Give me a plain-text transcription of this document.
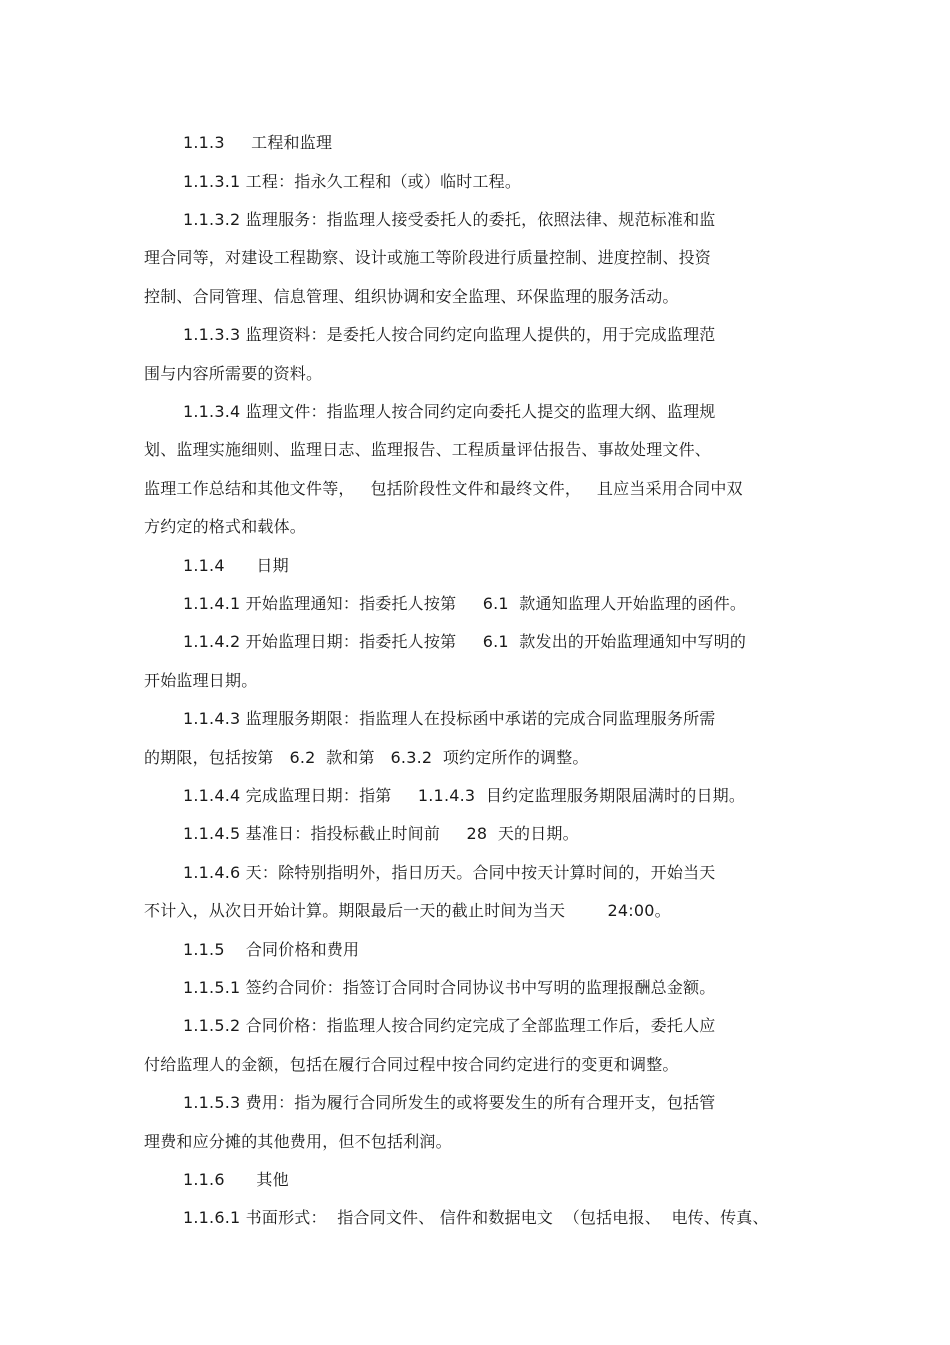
1.1.3     工程和监理
1.1.3.1 工程：指永久工程和（或）临时工程。
1.1.3.2 监理服务：指监理人接受委托人的委托，依照法律、规范标准和监
理合同等，对建设工程勘察、设计或施工等阶段进行质量控制、进度控制、投资
控制、合同管理、信息管理、组织协调和安全监理、环保监理的服务活动。
1.1.3.3 监理资料：是委托人按合同约定向监理人提供的，用于完成监理范
围与内容所需要的资料。
1.1.3.4 监理文件：指监理人按合同约定向委托人提交的监理大纲、监理规
划、监理实施细则、监理日志、监理报告、工程质量评估报告、事故处理文件、
监理工作总结和其他文件等，   包括阶段性文件和最终文件，   且应当采用合同中双
方约定的格式和载体。
1.1.4      日期
1.1.4.1 开始监理通知：指委托人按第     6.1  款通知监理人开始监理的函件。
1.1.4.2 开始监理日期：指委托人按第     6.1  款发出的开始监理通知中写明的
开始监理日期。
1.1.4.3 监理服务期限：指监理人在投标函中承诺的完成合同监理服务所需
的期限，包括按第   6.2  款和第   6.3.2  项约定所作的调整。
1.1.4.4 完成监理日期：指第     1.1.4.3  目约定监理服务期限届满时的日期。
1.1.4.5 基准日：指投标截止时间前     28  天的日期。
1.1.4.6 天：除特别指明外，指日历天。合同中按天计算时间的，开始当天
不计入，从次日开始计算。期限最后一天的截止时间为当天        24:00。
1.1.5    合同价格和费用
1.1.5.1 签约合同价：指签订合同时合同协议书中写明的监理报酬总金额。
1.1.5.2 合同价格：指监理人按合同约定完成了全部监理工作后，委托人应
付给监理人的金额，包括在履行合同过程中按合同约定进行的变更和调整。
1.1.5.3 费用：指为履行合同所发生的或将要发生的所有合理开支，包括管
理费和应分摊的其他费用，但不包括利润。
1.1.6      其他
1.1.6.1 书面形式：  指合同文件、 信件和数据电文  （包括电报、  电传、传真、
